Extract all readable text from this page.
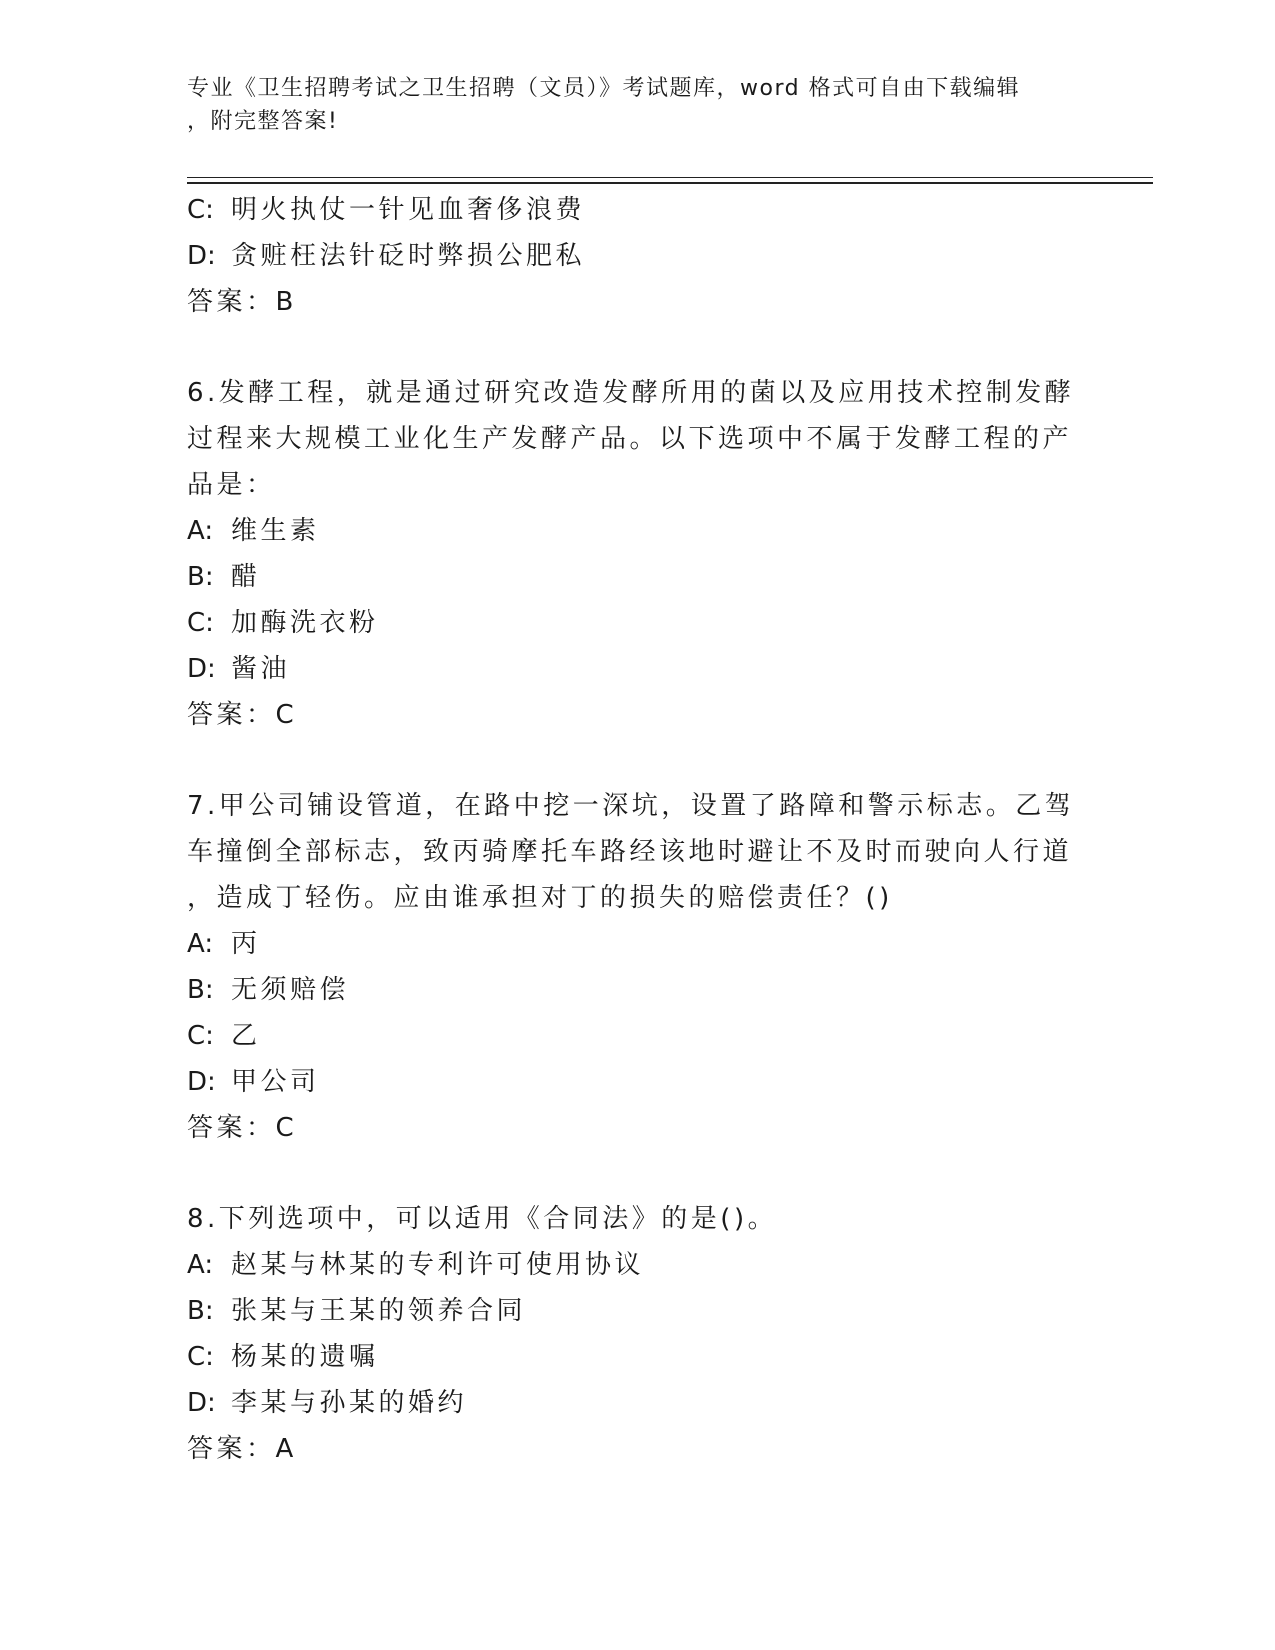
专业《卫生招聘考试之卫生招聘（文员）》考试题库，word 格式可自由下载编辑
，附完整答案!
C: 明火执仗一针见血奢侈浪费
D: 贪赃枉法针砭时弊损公肥私
答案：B
6.发酵工程，就是通过研究改造发酵所用的菌以及应用技术控制发酵
过程来大规模工业化生产发酵产品。以下选项中不属于发酵工程的产
品是：
A: 维生素
B: 醋
C: 加酶洗衣粉
D: 酱油
答案：C
7.甲公司铺设管道，在路中挖一深坑，设置了路障和警示标志。乙驾
车撞倒全部标志，致丙骑摩托车路经该地时避让不及时而驶向人行道
，造成丁轻伤。应由谁承担对丁的损失的赔偿责任？()
A: 丙
B: 无须赔偿
C: 乙
D: 甲公司
答案：C
8.下列选项中，可以适用《合同法》的是()。
A: 赵某与林某的专利许可使用协议
B: 张某与王某的领养合同
C: 杨某的遗嘱
D: 李某与孙某的婚约
答案：A
